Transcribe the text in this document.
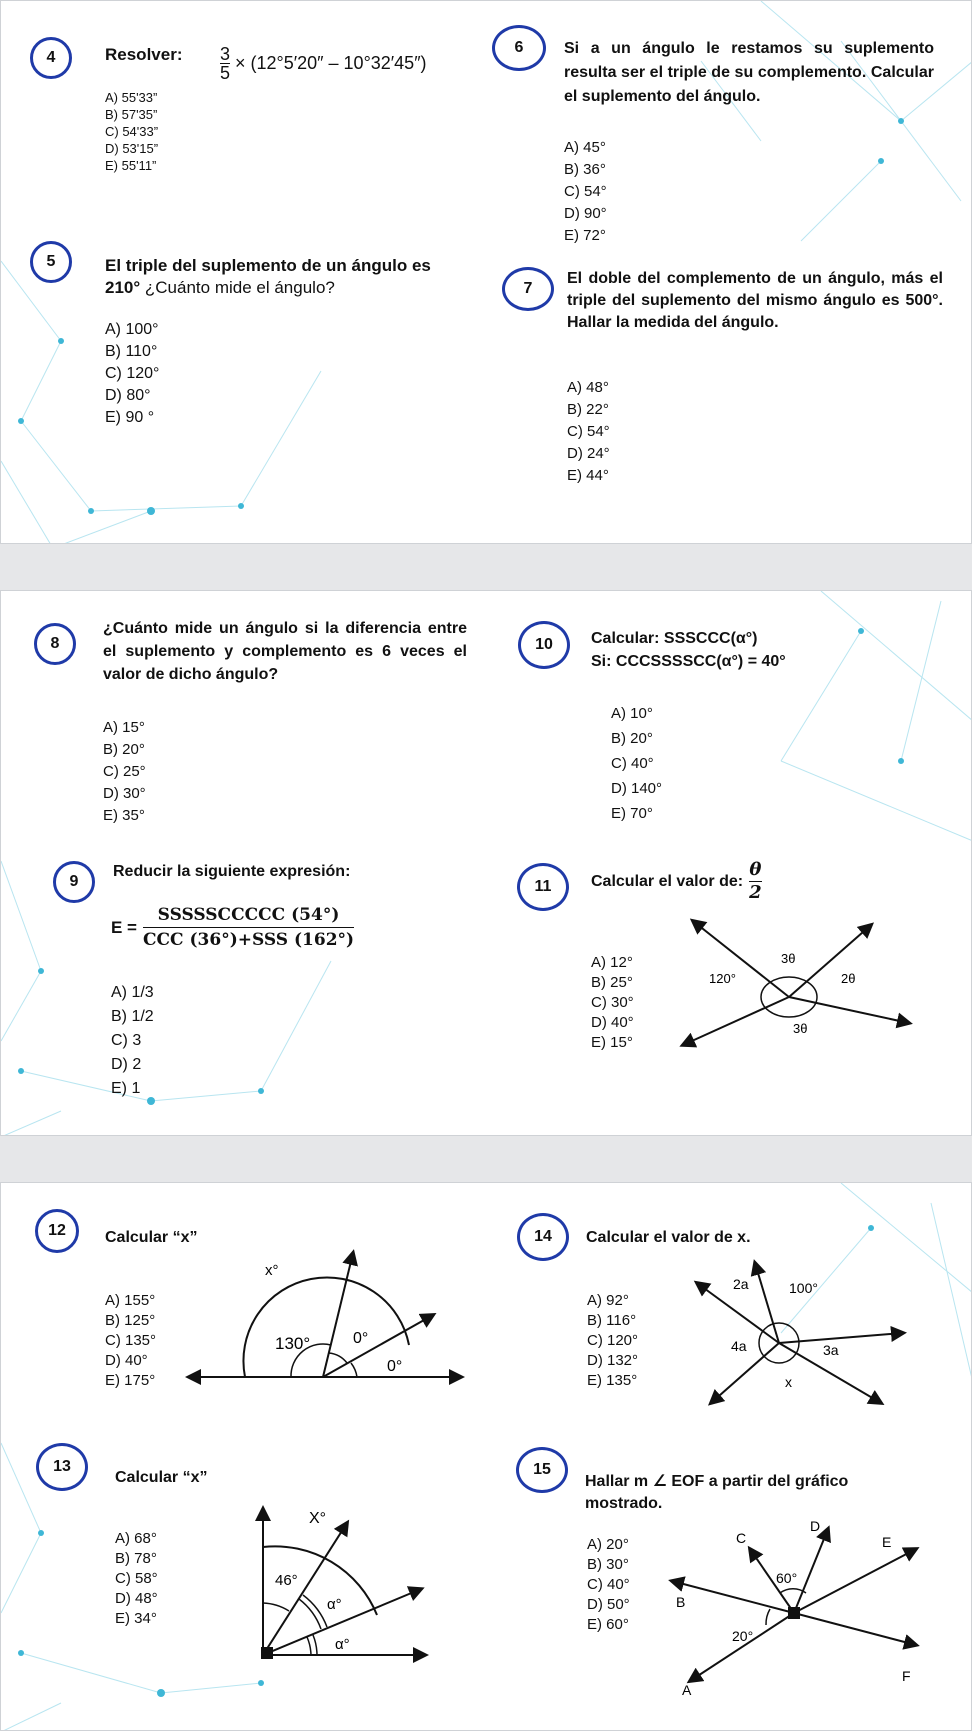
4	Resolver: $\frac{3}{5} \times (12^\circ 5'20'' - 10^\circ 32'45'')$
A) 55'33”
B) 57'35”
C) 54'33”
D) 53'15”
E) 55'11”
5	El triple del suplemento de un ángulo es
210° ¿Cuánto mide el ángulo?
A) 100°
B) 110°
C) 120°
D) 80°
E) 90 °
6	Si a un ángulo le restamos su suplemento resulta ser el triple de su complemento. Calcular el suplemento del ángulo.
A) 45°
B) 36°
C) 54°
D) 90°
E) 72°
7
El doble del complemento de un ángulo, más el triple del suplemento del mismo ángulo es 500°. Hallar la medida del ángulo.
A) 48°
B) 22°
C) 54°
D) 24°
E) 44°
8
¿Cuánto mide un ángulo si la diferencia entre el suplemento y complemento es 6 veces el valor de dicho ángulo?
A) 15°
B) 20°
C) 25°
D) 30°
E) 35°
9
Reducir la siguiente expresión:
$E = \frac{\text{SSSSSCCCCC (54°)}}{\text{CCC (36°)+SSS (162°)}}$
A) 1/3
B) 1/2
C) 3
D) 2
E) 1
10	Calcular: SSSCCC(α°)
Si: CCCSSSSCC(α°) = 40°
A) 10°
B) 20°
C) 40°
D) 140°
E) 70°
11	Calcular el valor de: $\frac{\theta}{2}$
A) 12°
B) 25°
C) 30°
D) 40°
E) 15°
120°
3θ
2θ
3θ
12	Calcular “x”
A) 155°
B) 125°
C) 135°
D) 40°
E) 175°
x°
130°	0°
0°
13
Calcular “x”
A) 68°
B) 78°
C) 58°
D) 48°
E) 34°
X°
46°
α°
α°
14	Calcular el valor de x.
A) 92°
B) 116°
C) 120°
D) 132°
E) 135°
2a	100°
4a	3a
x
15
Hallar m ∠ EOF a partir del gráfico mostrado.
A) 20°
B) 30°
C) 40°
D) 50°
E) 60°
C
D
E
B
A
F
60°
20°
